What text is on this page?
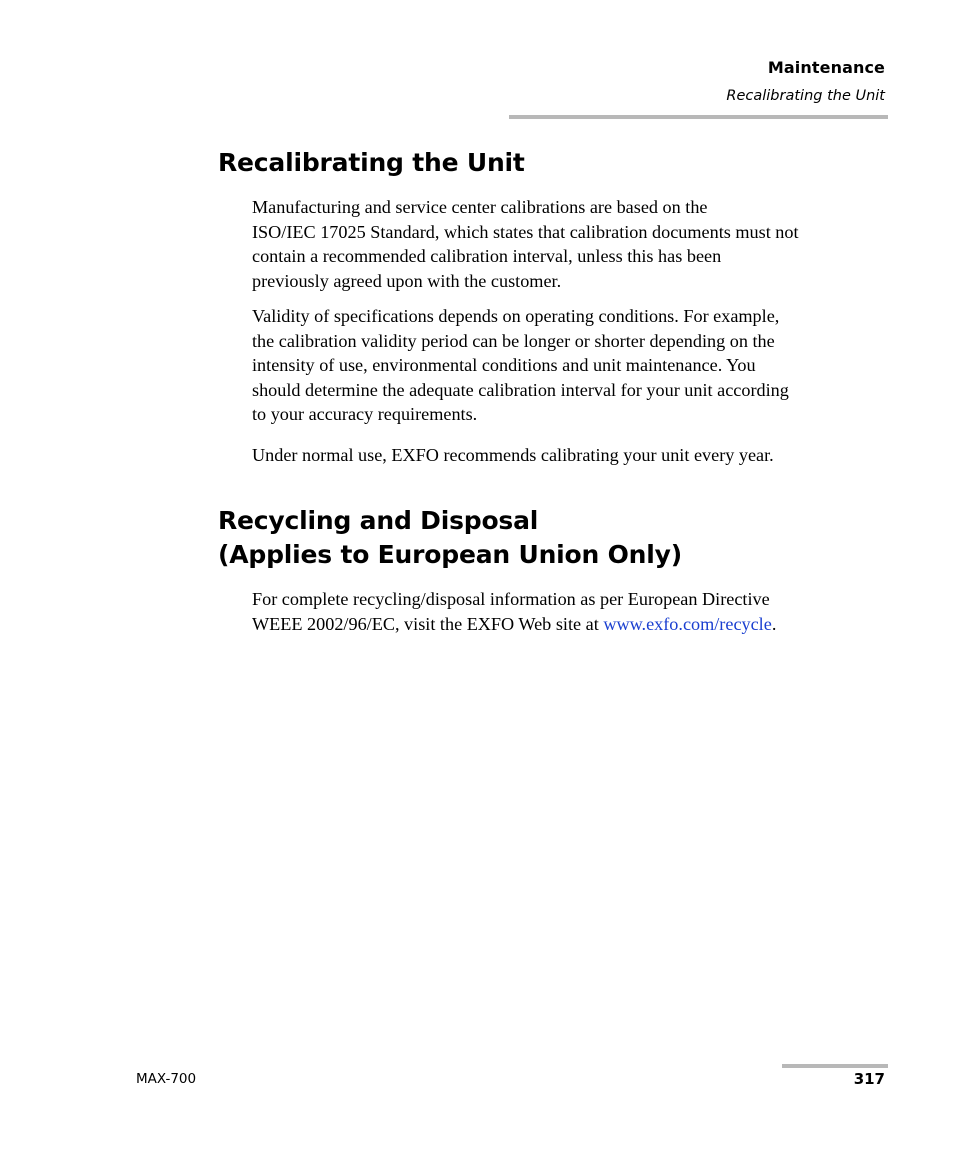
Maintenance
Recalibrating the Unit
Recalibrating the Unit

Manufacturing and service center calibrations are based on the
ISO/IEC 17025 Standard, which states that calibration documents must not
contain a recommended calibration interval, unless this has been
previously agreed upon with the customer.

Validity of specifications depends on operating conditions. For example,
the calibration validity period can be longer or shorter depending on the
intensity of use, environmental conditions and unit maintenance. You
should determine the adequate calibration interval for your unit according
to your accuracy requirements.

Under normal use, EXFO recommends calibrating your unit every year.

Recycling and Disposal
(Applies to European Union Only)

For complete recycling/disposal information as per European Directive
WEEE 2002/96/EC, visit the EXFO Web site at www.exfo.com/recycle.

MAX-700	317
